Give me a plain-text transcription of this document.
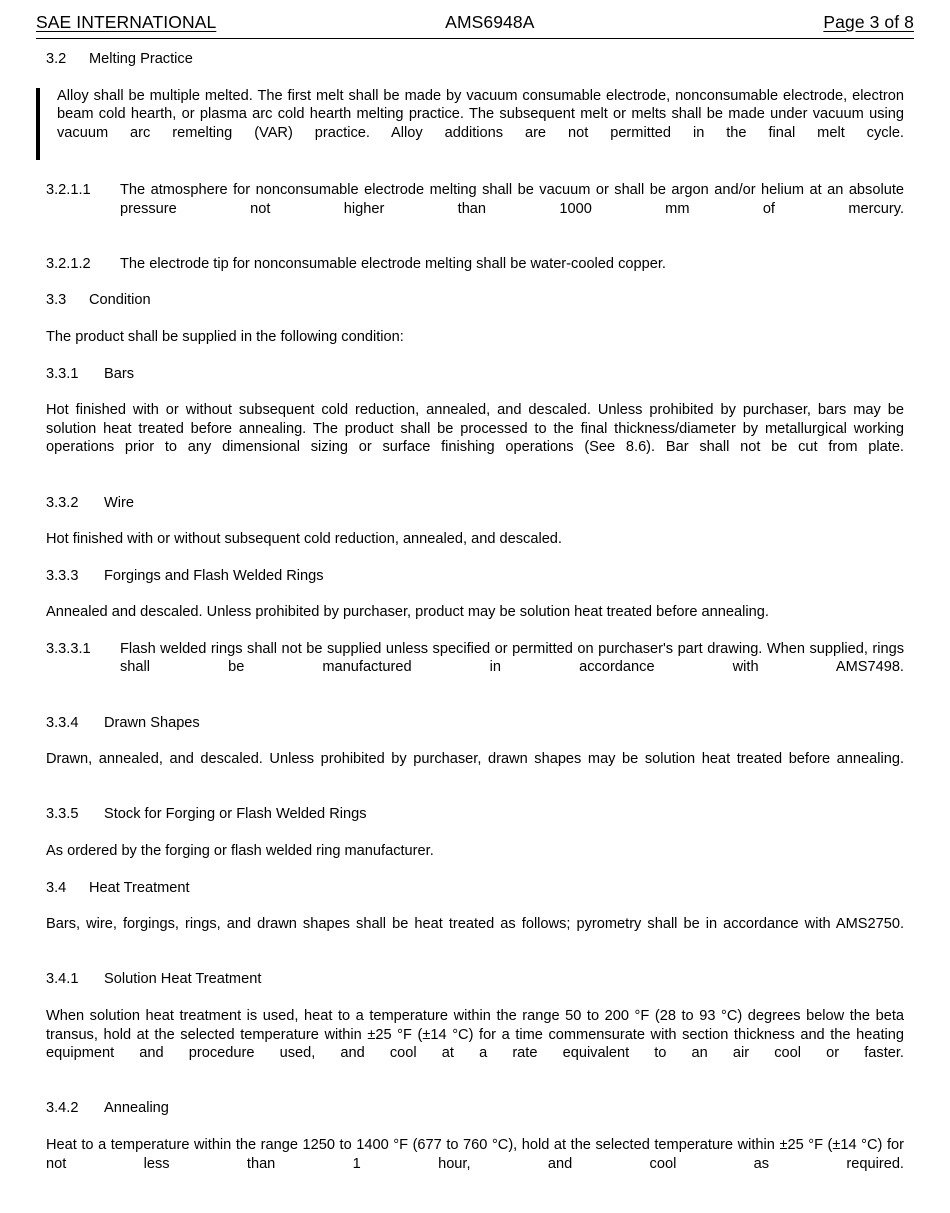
SAE INTERNATIONAL	AMS6948A	Page 3 of 8
3.2	Melting Practice
Alloy shall be multiple melted. The first melt shall be made by vacuum consumable electrode, nonconsumable electrode, electron beam cold hearth, or plasma arc cold hearth melting practice. The subsequent melt or melts shall be made under vacuum using vacuum arc remelting (VAR) practice. Alloy additions are not permitted in the final melt cycle.
3.2.1.1	The atmosphere for nonconsumable electrode melting shall be vacuum or shall be argon and/or helium at an absolute pressure not higher than 1000 mm of mercury.
3.2.1.2	The electrode tip for nonconsumable electrode melting shall be water-cooled copper.
3.3	Condition
The product shall be supplied in the following condition:
3.3.1	Bars
Hot finished with or without subsequent cold reduction, annealed, and descaled. Unless prohibited by purchaser, bars may be solution heat treated before annealing. The product shall be processed to the final thickness/diameter by metallurgical working operations prior to any dimensional sizing or surface finishing operations (See 8.6). Bar shall not be cut from plate.
3.3.2	Wire
Hot finished with or without subsequent cold reduction, annealed, and descaled.
3.3.3	Forgings and Flash Welded Rings
Annealed and descaled. Unless prohibited by purchaser, product may be solution heat treated before annealing.
3.3.3.1	Flash welded rings shall not be supplied unless specified or permitted on purchaser's part drawing. When supplied, rings shall be manufactured in accordance with AMS7498.
3.3.4	Drawn Shapes
Drawn, annealed, and descaled. Unless prohibited by purchaser, drawn shapes may be solution heat treated before annealing.
3.3.5	Stock for Forging or Flash Welded Rings
As ordered by the forging or flash welded ring manufacturer.
3.4	Heat Treatment
Bars, wire, forgings, rings, and drawn shapes shall be heat treated as follows; pyrometry shall be in accordance with AMS2750.
3.4.1	Solution Heat Treatment
When solution heat treatment is used, heat to a temperature within the range 50 to 200 °F (28 to 93 °C) degrees below the beta transus, hold at the selected temperature within ±25 °F (±14 °C) for a time commensurate with section thickness and the heating equipment and procedure used, and cool at a rate equivalent to an air cool or faster.
3.4.2	Annealing
Heat to a temperature within the range 1250 to 1400 °F (677 to 760 °C), hold at the selected temperature within ±25 °F (±14 °C) for not less than 1 hour, and cool as required.
